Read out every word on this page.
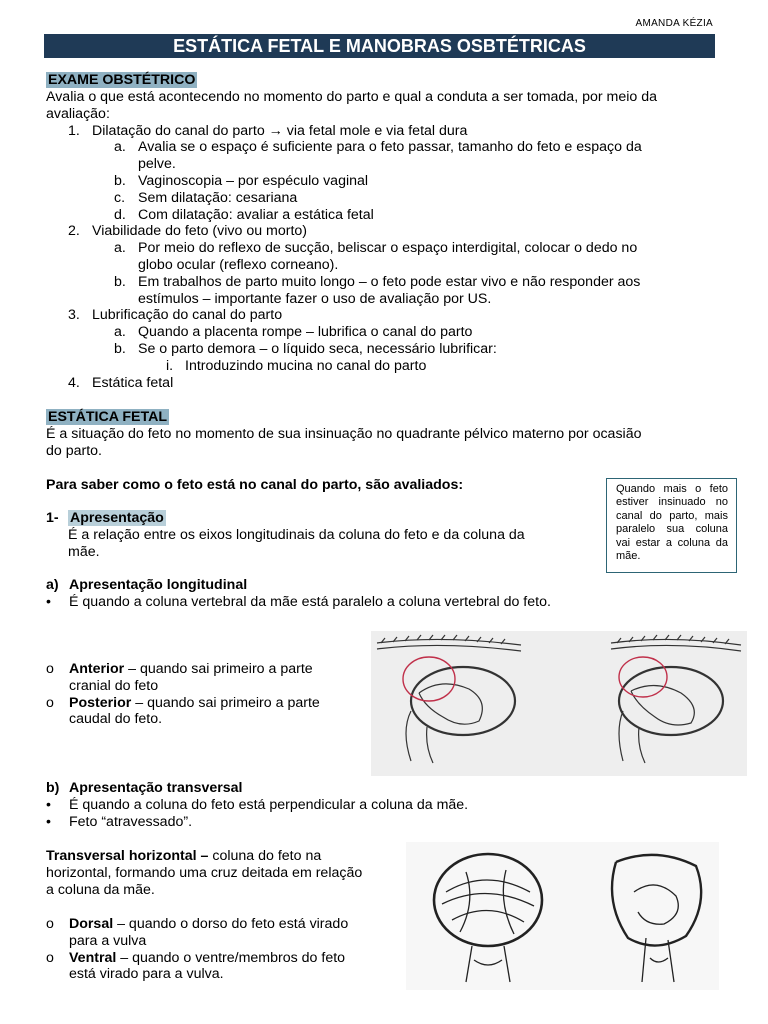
AMANDA KÉZIA
ESTÁTICA FETAL E MANOBRAS OSBTÉTRICAS
EXAME OBSTÉTRICO
Avalia o que está acontecendo no momento do parto e qual a conduta a ser tomada, por meio da
avaliação:
1. Dilatação do canal do parto → via fetal mole e via fetal dura
a. Avalia se o espaço é suficiente para o feto passar, tamanho do feto e espaço da
pelve.
b. Vaginoscopia – por espéculo vaginal
c. Sem dilatação: cesariana
d. Com dilatação: avaliar a estática fetal
2. Viabilidade do feto (vivo ou morto)
a. Por meio do reflexo de sucção, beliscar o espaço interdigital, colocar o dedo no
globo ocular (reflexo corneano).
b. Em trabalhos de parto muito longo – o feto pode estar vivo e não responder aos
estímulos – importante fazer o uso de avaliação por US.
3. Lubrificação do canal do parto
a. Quando a placenta rompe – lubrifica o canal do parto
b. Se o parto demora – o líquido seca, necessário lubrificar:
i. Introduzindo mucina no canal do parto
4. Estática fetal
ESTÁTICA FETAL
É a situação do feto no momento de sua insinuação no quadrante pélvico materno por ocasião
do parto.
Para saber como o feto está no canal do parto, são avaliados:	Quando mais o feto estiver insinuado no canal do parto, mais paralelo sua coluna vai estar a coluna da mãe.
1- Apresentação
É a relação entre os eixos longitudinais da coluna do feto e da coluna da
mãe.
a) Apresentação longitudinal
• É quando a coluna vertebral da mãe está paralelo a coluna vertebral do feto.
o Anterior – quando sai primeiro a parte
cranial do feto
o Posterior – quando sai primeiro a parte
caudal do feto.
b) Apresentação transversal
• É quando a coluna do feto está perpendicular a coluna da mãe.
• Feto “atravessado”.
Transversal horizontal – coluna do feto na
horizontal, formando uma cruz deitada em relação
a coluna da mãe.
o Dorsal – quando o dorso do feto está virado
para a vulva
o Ventral – quando o ventre/membros do feto
está virado para a vulva.
